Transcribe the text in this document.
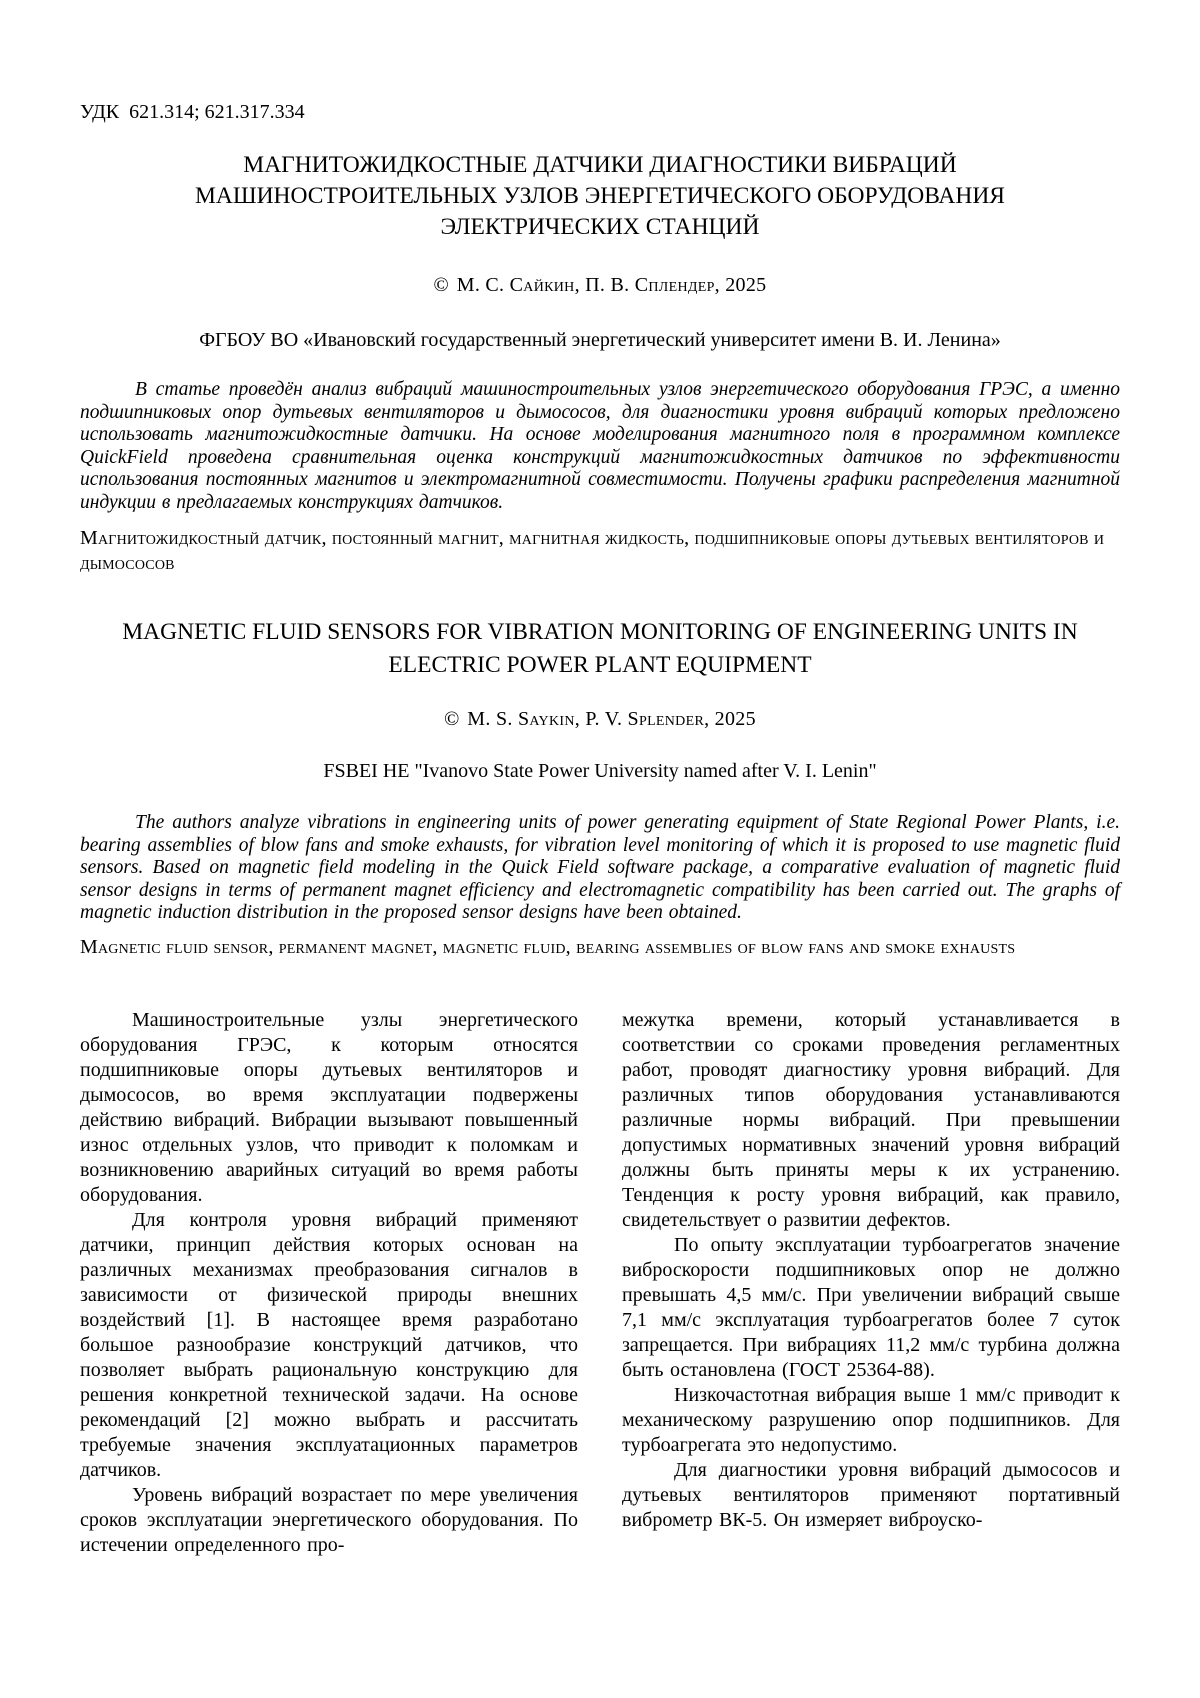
УДК  621.314; 621.317.334
МАГНИТОЖИДКОСТНЫЕ ДАТЧИКИ ДИАГНОСТИКИ ВИБРАЦИЙ МАШИНОСТРОИТЕЛЬНЫХ УЗЛОВ ЭНЕРГЕТИЧЕСКОГО ОБОРУДОВАНИЯ ЭЛЕКТРИЧЕСКИХ СТАНЦИЙ
© М. С. Сайкин, П. В. Сплендер, 2025
ФГБОУ ВО «Ивановский государственный энергетический университет имени В. И. Ленина»
В статье проведён анализ вибраций машиностроительных узлов энергетического оборудования ГРЭС, а именно подшипниковых опор дутьевых вентиляторов и дымососов, для диагностики уровня вибраций которых предложено использовать магнитожидкостные датчики. На основе моделирования магнитного поля в программном комплексе QuickField проведена сравнительная оценка конструкций магнитожидкостных датчиков по эффективности использования постоянных магнитов и электромагнитной совместимости. Получены графики распределения магнитной индукции в предлагаемых конструкциях датчиков.
Магнитожидкостный датчик, постоянный магнит, магнитная жидкость, подшипниковые опоры дутьевых вентиляторов и дымососов
MAGNETIC FLUID SENSORS FOR VIBRATION MONITORING OF ENGINEERING UNITS IN ELECTRIC POWER PLANT EQUIPMENT
© M. S. Saykin, P. V. Splender, 2025
FSBEI HE "Ivanovo State Power University named after V. I. Lenin"
The authors analyze vibrations in engineering units of power generating equipment of State Regional Power Plants, i.e. bearing assemblies of blow fans and smoke exhausts, for vibration level monitoring of which it is proposed to use magnetic fluid sensors. Based on magnetic field modeling in the Quick Field software package, a comparative evaluation of magnetic fluid sensor designs in terms of permanent magnet efficiency and electromagnetic compatibility has been carried out. The graphs of magnetic induction distribution in the proposed sensor designs have been obtained.
Magnetic fluid sensor, permanent magnet, magnetic fluid, bearing assemblies of blow fans and smoke exhausts

Машиностроительные узлы энергетического оборудования ГРЭС, к которым относятся подшипниковые опоры дутьевых вентиляторов и дымососов, во время эксплуатации подвержены действию вибраций. Вибрации вызывают повышенный износ отдельных узлов, что приводит к поломкам и возникновению аварийных ситуаций во время работы оборудования.

Для контроля уровня вибраций применяют датчики, принцип действия которых основан на различных механизмах преобразования сигналов в зависимости от физической природы внешних воздействий [1]. В настоящее время разработано большое разнообразие конструкций датчиков, что позволяет выбрать рациональную конструкцию для решения конкретной технической задачи. На основе рекомендаций [2] можно выбрать и рассчитать требуемые значения эксплуатационных параметров датчиков.

Уровень вибраций возрастает по мере увеличения сроков эксплуатации энергетического оборудования. По истечении определенного про-

межутка времени, который устанавливается в соответствии со сроками проведения регламентных работ, проводят диагностику уровня вибраций. Для различных типов оборудования устанавливаются различные нормы вибраций. При превышении допустимых нормативных значений уровня вибраций должны быть приняты меры к их устранению. Тенденция к росту уровня вибраций, как правило, свидетельствует о развитии дефектов.

По опыту эксплуатации турбоагрегатов значение виброскорости подшипниковых опор не должно превышать 4,5 мм/с. При увеличении вибраций свыше 7,1 мм/с эксплуатация турбоагрегатов более 7 суток запрещается. При вибрациях 11,2 мм/с турбина должна быть остановлена (ГОСТ 25364-88).

Низкочастотная вибрация выше 1 мм/с приводит к механическому разрушению опор подшипников. Для турбоагрегата это недопустимо.

Для диагностики уровня вибраций дымососов и дутьевых вентиляторов применяют портативный виброметр ВК-5. Он измеряет виброуско-
